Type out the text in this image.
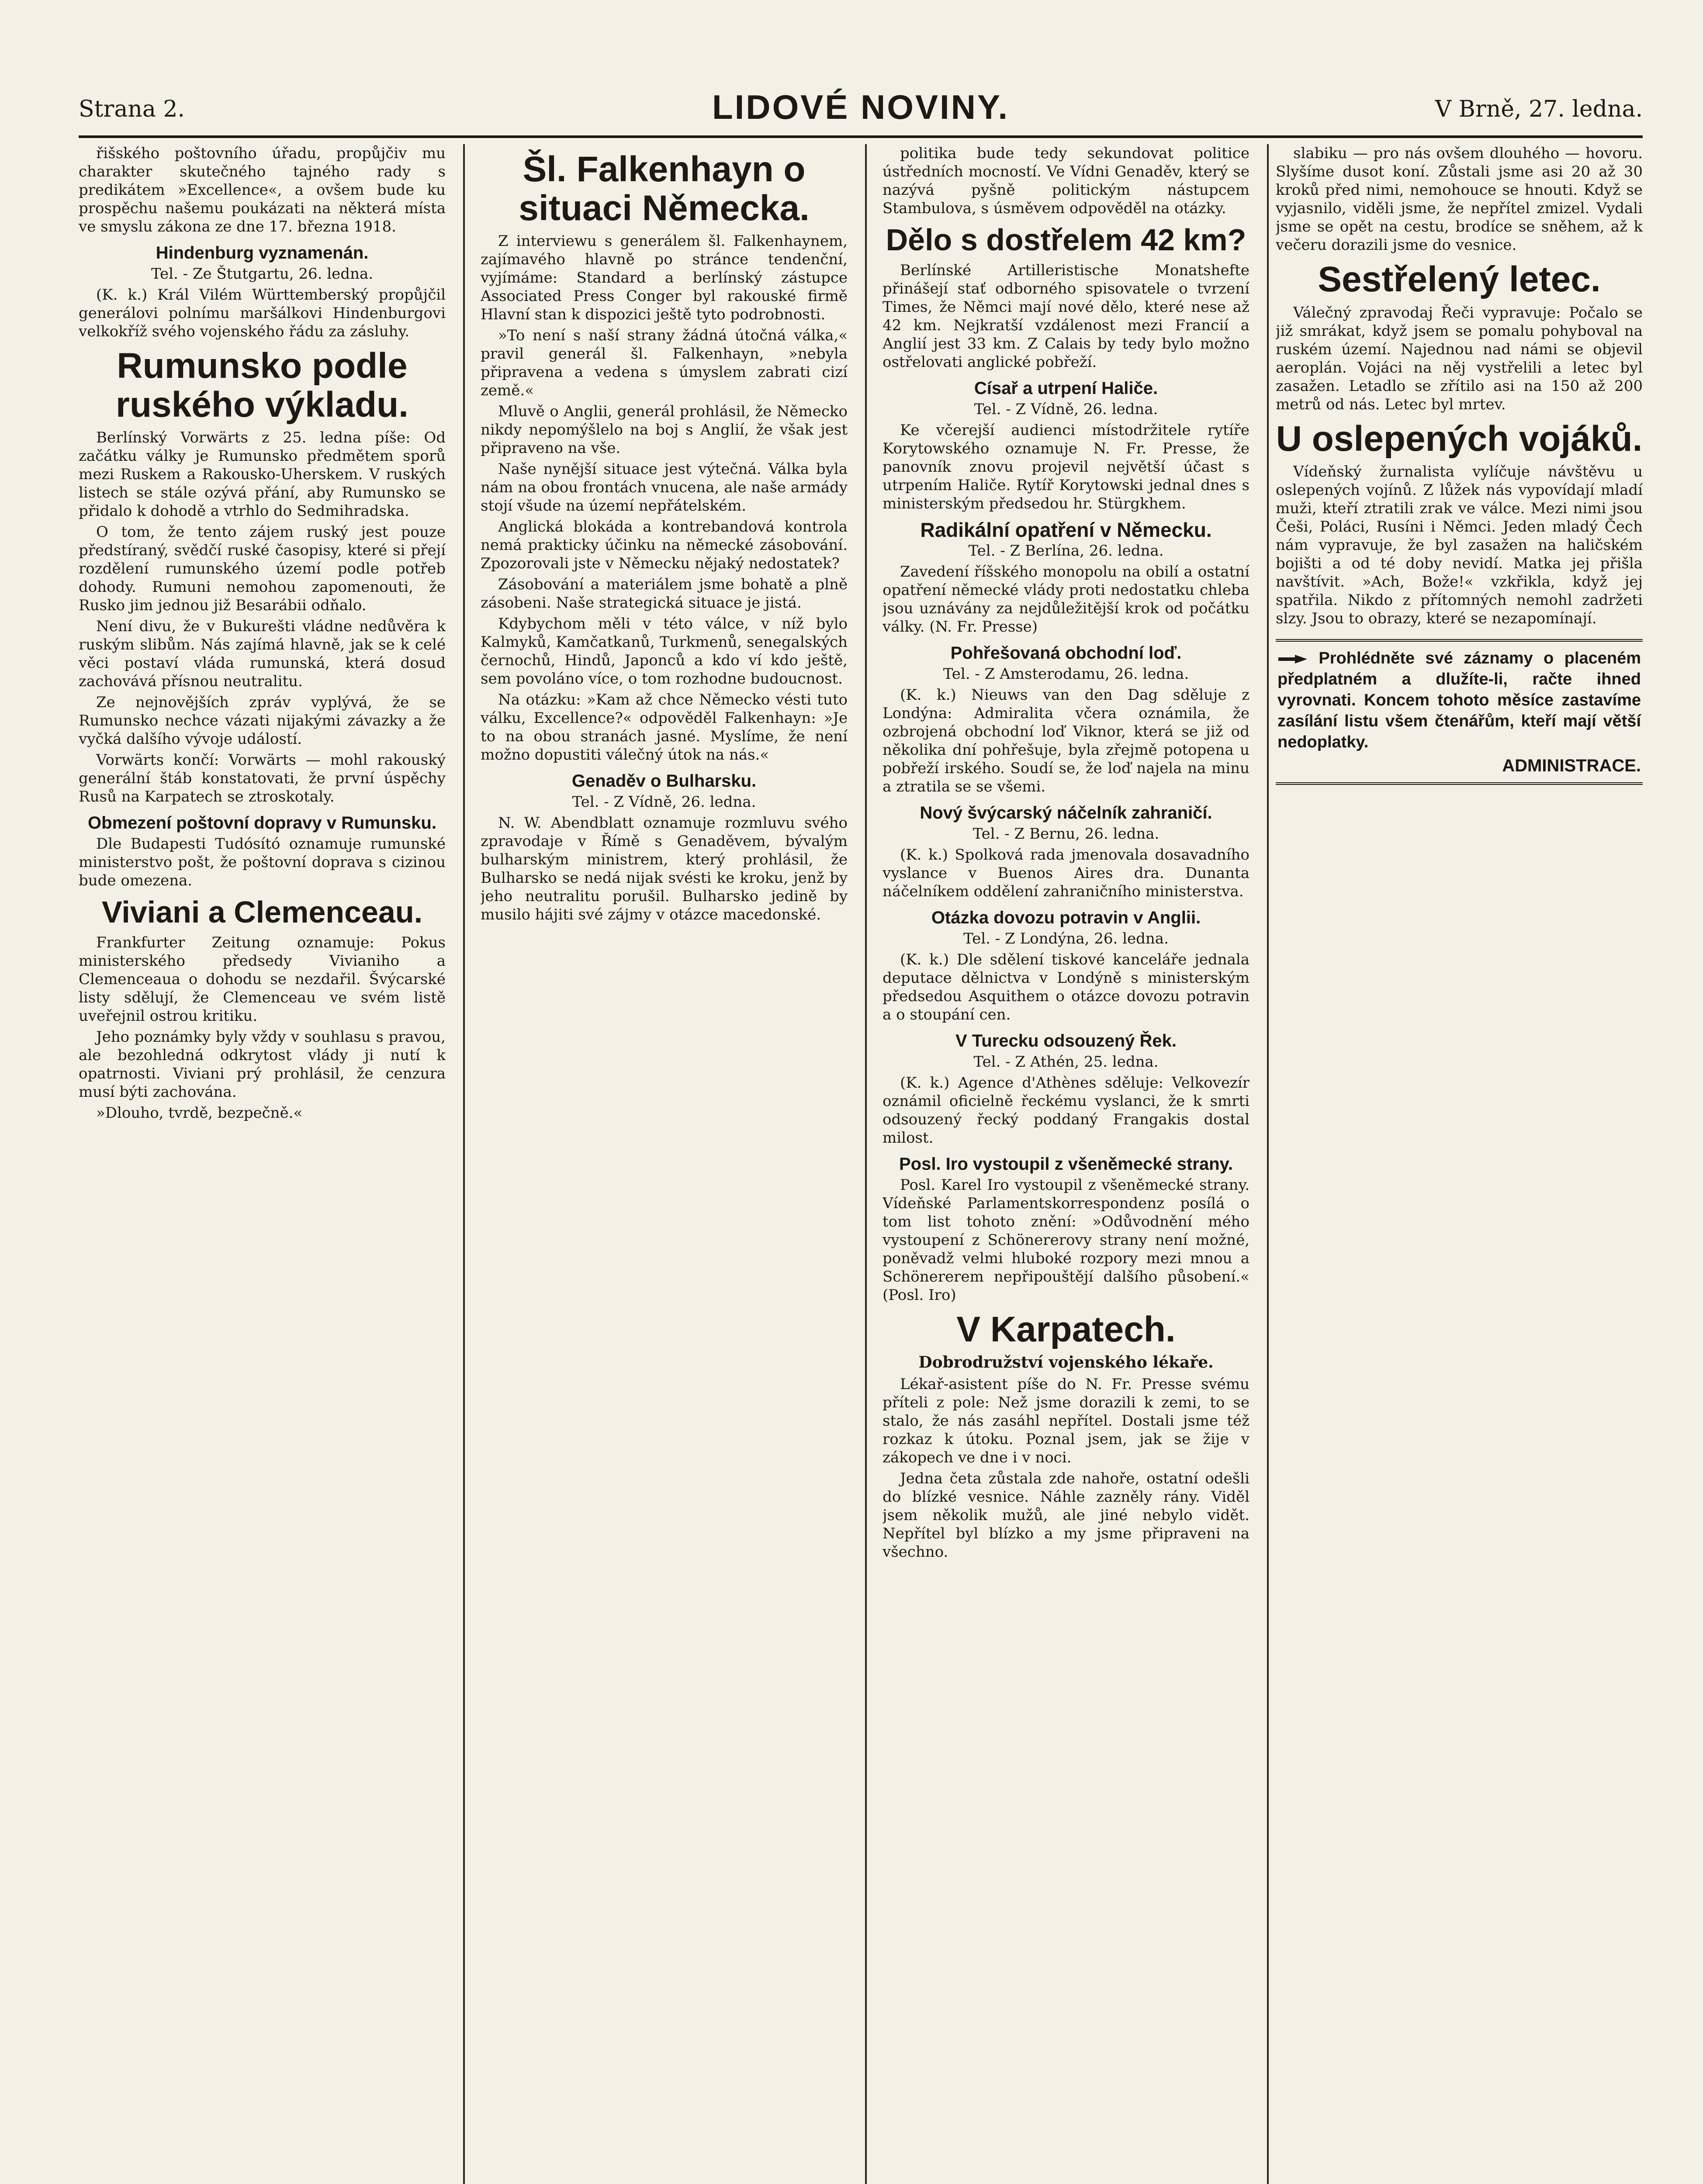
Strana 2.	LIDOVÉ NOVINY.	V Brně, 27. ledna.

řišského poštovního úřadu, propůjčiv mu charakter skutečného tajného rady s predikátem »Excellence«, a ovšem bude ku prospěchu našemu poukázati na některá místa ve smyslu zákona ze dne 17. března 1918.

Hindenburg vyznamenán.
Tel. - Ze Štutgartu, 26. ledna.

(K. k.) Král Vilém Württemberský propůjčil generálovi polnímu maršálkovi Hindenburgovi velkokříž svého vojenského řádu za zásluhy.

Rumunsko podle ruského výkladu.

Berlínský Vorwärts z 25. ledna píše: Od začátku války je Rumunsko předmětem sporů mezi Ruskem a Rakousko-Uherskem. V ruských listech se stále ozývá přání, aby Rumunsko se přidalo k dohodě a vtrhlo do Sedmihradska.

O tom, že tento zájem ruský jest pouze předstíraný, svědčí ruské časopisy, které si přejí rozdělení rumunského území podle potřeb dohody. Rumuni nemohou zapomenouti, že Rusko jim jednou již Besarábii odňalo.

Není divu, že v Bukurešti vládne nedůvěra k ruským slibům. Nás zajímá hlavně, jak se k celé věci postaví vláda rumunská, která dosud zachovává přísnou neutralitu.

Ze nejnovějších zpráv vyplývá, že se Rumunsko nechce vázati nijakými závazky a že vyčká dalšího vývoje událostí.

Vorwärts končí: Vorwärts — mohl rakouský generální štáb konstatovati, že první úspěchy Rusů na Karpatech se ztroskotaly.

Obmezení poštovní dopravy v Rumunsku.

Dle Budapesti Tudósító oznamuje rumunské ministerstvo pošt, že poštovní doprava s cizinou bude omezena.

Viviani a Clemenceau.

Frankfurter Zeitung oznamuje: Pokus ministerského předsedy Vivianiho a Clemenceaua o dohodu se nezdařil. Švýcarské listy sdělují, že Clemenceau ve svém listě uveřejnil ostrou kritiku.

Jeho poznámky byly vždy v souhlasu s pravou, ale bezohledná odkrytost vlády ji nutí k opatrnosti. Viviani prý prohlásil, že cenzura musí býti zachována.

»Dlouho, tvrdě, bezpečně.«

Šl. Falkenhayn o situaci Německa.

Z interviewu s generálem šl. Falkenhaynem, zajímavého hlavně po stránce tendenční, vyjímáme: Standard a berlínský zástupce Associated Press Conger byl rakouské firmě Hlavní stan k dispozici ještě tyto podrobnosti.

»To není s naší strany žádná útočná válka,« pravil generál šl. Falkenhayn, »nebyla připravena a vedena s úmyslem zabrati cizí země.«

Mluvě o Anglii, generál prohlásil, že Německo nikdy nepomýšlelo na boj s Anglií, že však jest připraveno na vše.

Naše nynější situace jest výtečná. Válka byla nám na obou frontách vnucena, ale naše armády stojí všude na území nepřátelském.

Anglická blokáda a kontrebandová kontrola nemá prakticky účinku na německé zásobování. Zpozorovali jste v Německu nějaký nedostatek?

Zásobování a materiálem jsme bohatě a plně zásobeni. Naše strategická situace je jistá.

Kdybychom měli v této válce, v níž bylo Kalmyků, Kamčatkanů, Turkmenů, senegalských černochů, Hindů, Japonců a kdo ví kdo ještě, sem povoláno více, o tom rozhodne budoucnost.

Na otázku: »Kam až chce Německo vésti tuto válku, Excellence?« odpověděl Falkenhayn: »Je to na obou stranách jasné. Myslíme, že není možno dopustiti válečný útok na nás.«

Genaděv o Bulharsku.
Tel. - Z Vídně, 26. ledna.

N. W. Abendblatt oznamuje rozmluvu svého zpravodaje v Římě s Genaděvem, bývalým bulharským ministrem, který prohlásil, že Bulharsko se nedá nijak svésti ke kroku, jenž by jeho neutralitu porušil. Bulharsko jedině by musilo hájiti své zájmy v otázce macedonské.

politika bude tedy sekundovat politice ústředních mocností. Ve Vídni Genaděv, který se nazývá pyšně politickým nástupcem Stambulova, s úsměvem odpověděl na otázky.

Dělo s dostřelem 42 km?

Berlínské Artilleristische Monatshefte přinášejí stať odborného spisovatele o tvrzení Times, že Němci mají nové dělo, které nese až 42 km. Nejkratší vzdálenost mezi Francií a Anglií jest 33 km. Z Calais by tedy bylo možno ostřelovati anglické pobřeží.

Císař a utrpení Haliče.
Tel. - Z Vídně, 26. ledna.

Ke včerejší audienci místodržitele rytíře Korytowského oznamuje N. Fr. Presse, že panovník znovu projevil největší účast s utrpením Haliče. Rytíř Korytowski jednal dnes s ministerským předsedou hr. Stürgkhem.

Radikální opatření v Německu.
Tel. - Z Berlína, 26. ledna.

Zavedení říšského monopolu na obilí a ostatní opatření německé vlády proti nedostatku chleba jsou uznávány za nejdůležitější krok od počátku války. (N. Fr. Presse)

Pohřešovaná obchodní loď.
Tel. - Z Amsterodamu, 26. ledna.

(K. k.) Nieuws van den Dag sděluje z Londýna: Admiralita včera oznámila, že ozbrojená obchodní loď Viknor, která se již od několika dní pohřešuje, byla zřejmě potopena u pobřeží irského. Soudí se, že loď najela na minu a ztratila se se všemi.

Nový švýcarský náčelník zahraničí.
Tel. - Z Bernu, 26. ledna.

(K. k.) Spolková rada jmenovala dosavadního vyslance v Buenos Aires dra. Dunanta náčelníkem oddělení zahraničního ministerstva.

Otázka dovozu potravin v Anglii.
Tel. - Z Londýna, 26. ledna.

(K. k.) Dle sdělení tiskové kanceláře jednala deputace dělnictva v Londýně s ministerským předsedou Asquithem o otázce dovozu potravin a o stoupání cen.

V Turecku odsouzený Řek.
Tel. - Z Athén, 25. ledna.

(K. k.) Agence d'Athènes sděluje: Velkovezír oznámil oficielně řeckému vyslanci, že k smrti odsouzený řecký poddaný Frangakis dostal milost.

Posl. Iro vystoupil z všeněmecké strany.

Posl. Karel Iro vystoupil z všeněmecké strany. Vídeňské Parlamentskorrespondenz posílá o tom list tohoto znění: »Odůvodnění mého vystoupení z Schönererovy strany není možné, poněvadž velmi hluboké rozpory mezi mnou a Schönererem nepřipouštějí dalšího působení.« (Posl. Iro)

V Karpatech.
Dobrodružství vojenského lékaře.

Lékař-asistent píše do N. Fr. Presse svému příteli z pole: Než jsme dorazili k zemi, to se stalo, že nás zasáhl nepřítel. Dostali jsme též rozkaz k útoku. Poznal jsem, jak se žije v zákopech ve dne i v noci.

Jedna četa zůstala zde nahoře, ostatní odešli do blízké vesnice. Náhle zazněly rány. Viděl jsem několik mužů, ale jiné nebylo vidět. Nepřítel byl blízko a my jsme připraveni na všechno.

slabiku — pro nás ovšem dlouhého — hovoru. Slyšíme dusot koní. Zůstali jsme asi 20 až 30 kroků před nimi, nemohouce se hnouti. Když se vyjasnilo, viděli jsme, že nepřítel zmizel. Vydali jsme se opět na cestu, brodíce se sněhem, až k večeru dorazili jsme do vesnice.

Sestřelený letec.

Válečný zpravodaj Řeči vypravuje: Počalo se již smrákat, když jsem se pomalu pohyboval na ruském území. Najednou nad námi se objevil aeroplán. Vojáci na něj vystřelili a letec byl zasažen. Letadlo se zřítilo asi na 150 až 200 metrů od nás. Letec byl mrtev.

U oslepených vojáků.

Vídeňský žurnalista vylíčuje návštěvu u oslepených vojínů. Z lůžek nás vypovídají mladí muži, kteří ztratili zrak ve válce. Mezi nimi jsou Češi, Poláci, Rusíni i Němci. Jeden mladý Čech nám vypravuje, že byl zasažen na haličském bojišti a od té doby nevidí. Matka jej přišla navštívit. »Ach, Bože!« vzkřikla, když jej spatřila. Nikdo z přítomných nemohl zadržeti slzy. Jsou to obrazy, které se nezapomínají.

Prohlédněte své záznamy o placeném předplatném a dlužíte-li, račte ihned vyrovnati. Koncem tohoto měsíce zastavíme zasílání listu všem čtenářům, kteří mají větší nedoplatky.
ADMINISTRACE.
